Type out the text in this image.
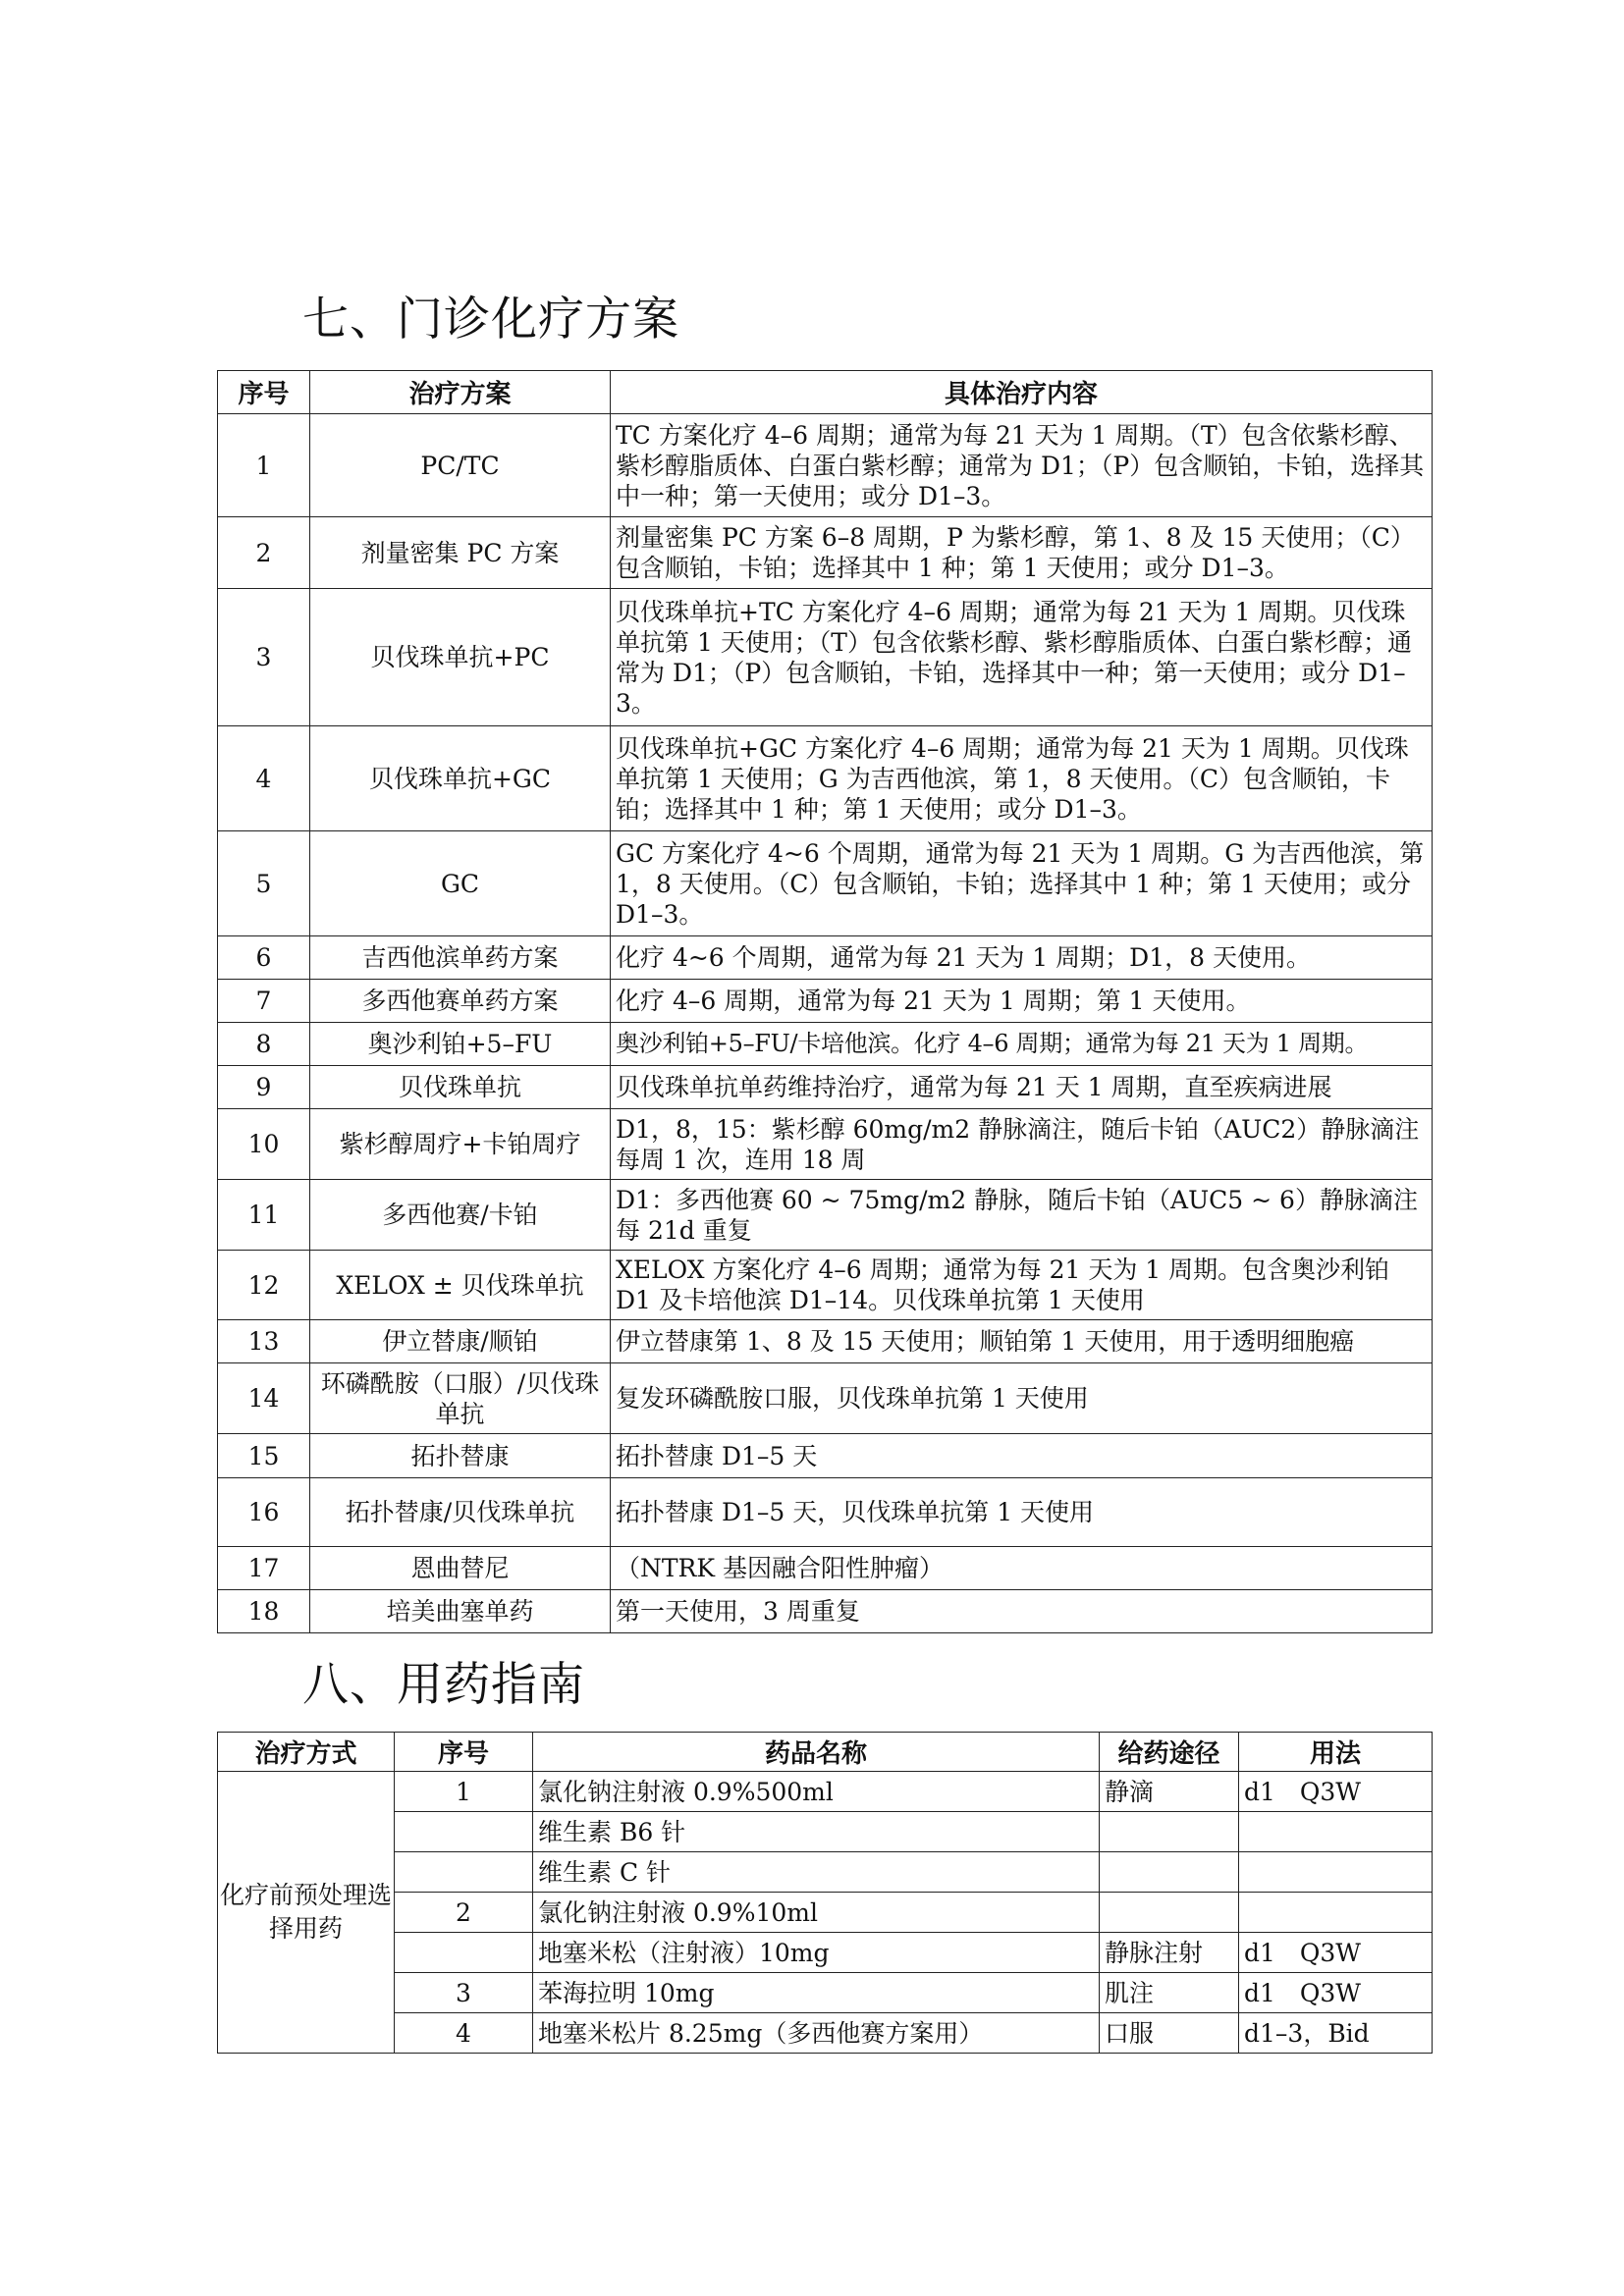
七、门诊化疗方案
序号	治疗方案	具体治疗内容
1	PC/TC	TC 方案化疗 4–6 周期；通常为每 21 天为 1 周期。（T）包含依紫杉醇、紫杉醇脂质体、白蛋白紫杉醇；通常为 D1；（P）包含顺铂，卡铂，选择其中一种；第一天使用；或分 D1–3。
2	剂量密集 PC 方案	剂量密集 PC 方案 6–8 周期，P 为紫杉醇，第 1、8 及 15 天使用；（C）包含顺铂，卡铂；选择其中 1 种；第 1 天使用；或分 D1–3。
3	贝伐珠单抗+PC	贝伐珠单抗+TC 方案化疗 4–6 周期；通常为每 21 天为 1 周期。贝伐珠单抗第 1 天使用；（T）包含依紫杉醇、紫杉醇脂质体、白蛋白紫杉醇；通常为 D1；（P）包含顺铂，卡铂，选择其中一种；第一天使用；或分 D1–3。
4	贝伐珠单抗+GC	贝伐珠单抗+GC 方案化疗 4–6 周期；通常为每 21 天为 1 周期。贝伐珠单抗第 1 天使用；G 为吉西他滨，第 1，8 天使用。（C）包含顺铂，卡铂；选择其中 1 种；第 1 天使用；或分 D1–3。
5	GC	GC 方案化疗 4~6 个周期，通常为每 21 天为 1 周期。G 为吉西他滨，第 1，8 天使用。（C）包含顺铂，卡铂；选择其中 1 种；第 1 天使用；或分 D1–3。
6	吉西他滨单药方案	化疗 4~6 个周期，通常为每 21 天为 1 周期；D1，8 天使用。
7	多西他赛单药方案	化疗 4–6 周期，通常为每 21 天为 1 周期；第 1 天使用。
8	奥沙利铂+5–FU	奥沙利铂+5–FU/卡培他滨。化疗 4–6 周期；通常为每 21 天为 1 周期。
9	贝伐珠单抗	贝伐珠单抗单药维持治疗，通常为每 21 天 1 周期，直至疾病进展
10	紫杉醇周疗+卡铂周疗	D1，8，15：紫杉醇 60mg/m2 静脉滴注，随后卡铂（AUC2）静脉滴注每周 1 次，连用 18 周
11	多西他赛/卡铂	D1：多西他赛 60 ~ 75mg/m2 静脉，随后卡铂（AUC5 ~ 6）静脉滴注每 21d 重复
12	XELOX ± 贝伐珠单抗	XELOX 方案化疗 4–6 周期；通常为每 21 天为 1 周期。包含奥沙利铂 D1 及卡培他滨 D1–14。贝伐珠单抗第 1 天使用
13	伊立替康/顺铂	伊立替康第 1、8 及 15 天使用；顺铂第 1 天使用，用于透明细胞癌
14	环磷酰胺（口服）/贝伐珠单抗	复发环磷酰胺口服，贝伐珠单抗第 1 天使用
15	拓扑替康	拓扑替康 D1–5 天
16	拓扑替康/贝伐珠单抗	拓扑替康 D1–5 天，贝伐珠单抗第 1 天使用
17	恩曲替尼	（NTRK 基因融合阳性肿瘤）
18	培美曲塞单药	第一天使用，3 周重复
八、用药指南
治疗方式	序号	药品名称	给药途径	用法
化疗前预处理选择用药	1	氯化钠注射液 0.9%500ml	静滴	d1　Q3W
		维生素 B6 针		
		维生素 C 针		
	2	氯化钠注射液 0.9%10ml		
		地塞米松（注射液）10mg	静脉注射	d1　Q3W
	3	苯海拉明 10mg	肌注	d1　Q3W
	4	地塞米松片 8.25mg（多西他赛方案用）	口服	d1–3，Bid
